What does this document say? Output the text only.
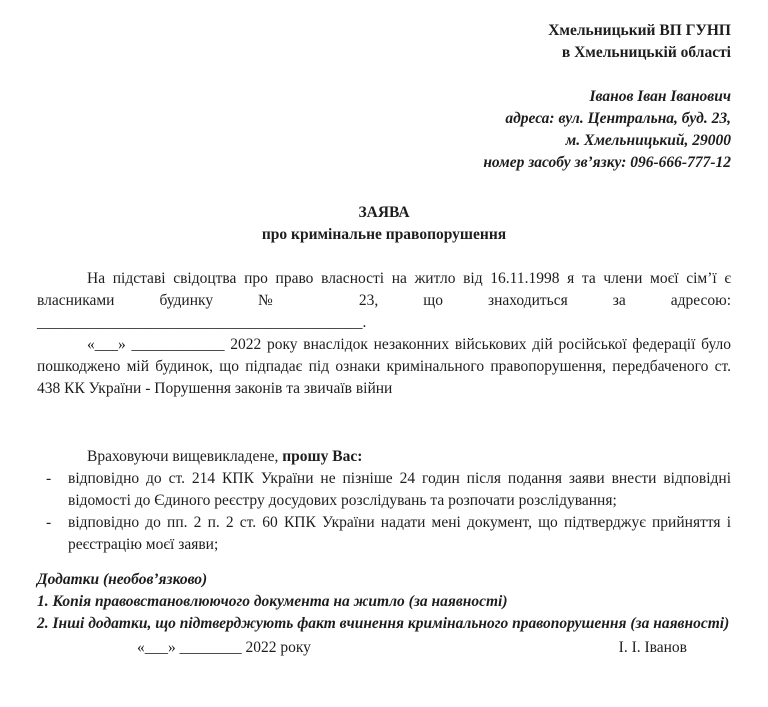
Хмельницький ВП ГУНП
в Хмельницькій області
Іванов Іван Іванович
адреса: вул. Центральна, буд. 23,
м. Хмельницький, 29000
номер засобу зв’язку: 096-666-777-12
ЗАЯВА
про кримінальне правопорушення
На підставі свідоцтва про право власності на житло від 16.11.1998 я та члени моєї сім’ї є власниками будинку № 23, що знаходиться за адресою: __________________________________________.
«___» ____________ 2022 року внаслідок незаконних військових дій російської федерації було пошкоджено мій будинок, що підпадає під ознаки кримінального правопорушення, передбаченого ст. 438 КК України - Порушення законів та звичаїв війни
Враховуючи вищевикладене, прошу Вас:
- відповідно до ст. 214 КПК України не пізніше 24 годин після подання заяви внести відповідні відомості до Єдиного реєстру досудових розслідувань та розпочати розслідування;
- відповідно до пп. 2 п. 2 ст. 60 КПК України надати мені документ, що підтверджує прийняття і реєстрацію моєї заяви;
Додатки (необов’язково)
1. Копія правовстановлюючого документа на житло (за наявності)
2. Інші додатки, що підтверджують факт вчинення кримінального правопорушення (за наявності)
«___» ________ 2022 року	І. І. Іванов
